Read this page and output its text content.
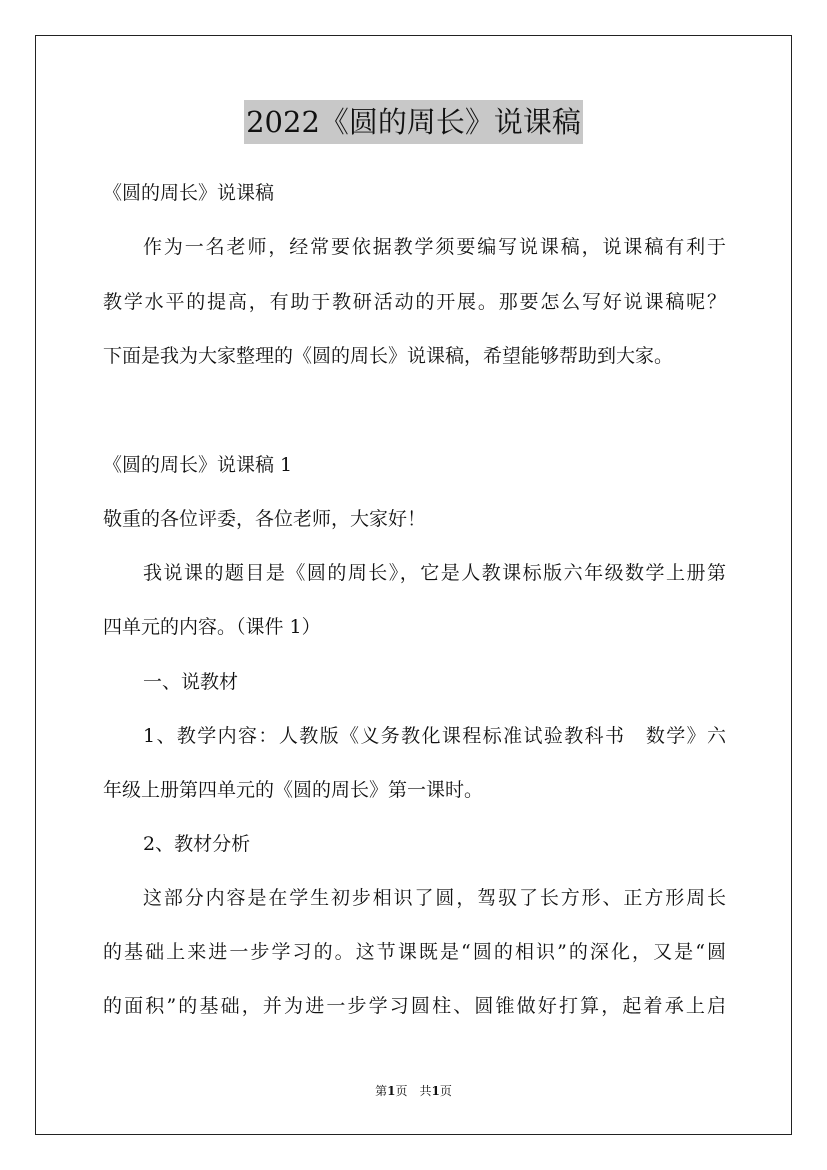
2022《圆的周长》说课稿
《圆的周长》说课稿
作为一名老师，经常要依据教学须要编写说课稿，说课稿有利于
教学水平的提高，有助于教研活动的开展。那要怎么写好说课稿呢？
下面是我为大家整理的《圆的周长》说课稿，希望能够帮助到大家。
《圆的周长》说课稿 1
敬重的各位评委，各位老师，大家好！
我说课的题目是《圆的周长》，它是人教课标版六年级数学上册第
四单元的内容。（课件 1）
一、说教材
1、教学内容：人教版《义务教化课程标准试验教科书　数学》六
年级上册第四单元的《圆的周长》第一课时。
2、教材分析
这部分内容是在学生初步相识了圆，驾驭了长方形、正方形周长
的基础上来进一步学习的。这节课既是“圆的相识”的深化，又是“圆
的面积”的基础，并为进一步学习圆柱、圆锥做好打算，起着承上启
第1页　共1页
